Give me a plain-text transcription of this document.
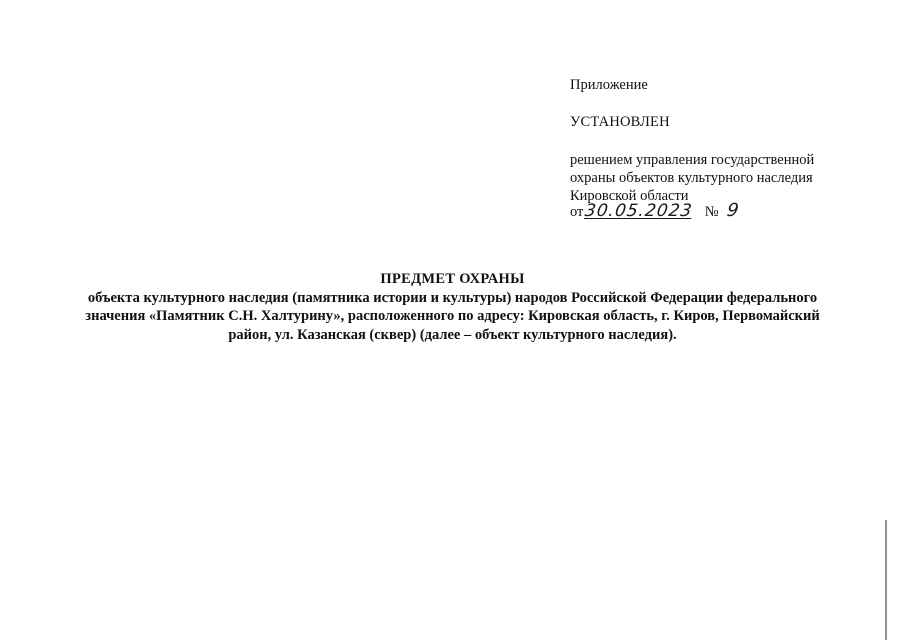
Приложение
УСТАНОВЛЕН
решением управления государственной
охраны объектов культурного наследия
Кировской области
от 30.05.2023 № 9
ПРЕДМЕТ ОХРАНЫ
объекта культурного наследия (памятника истории и культуры) народов Российской Федерации федерального
значения «Памятник С.Н. Халтурину», расположенного по адресу: Кировская область, г. Киров, Первомайский
район, ул. Казанская (сквер) (далее – объект культурного наследия).
